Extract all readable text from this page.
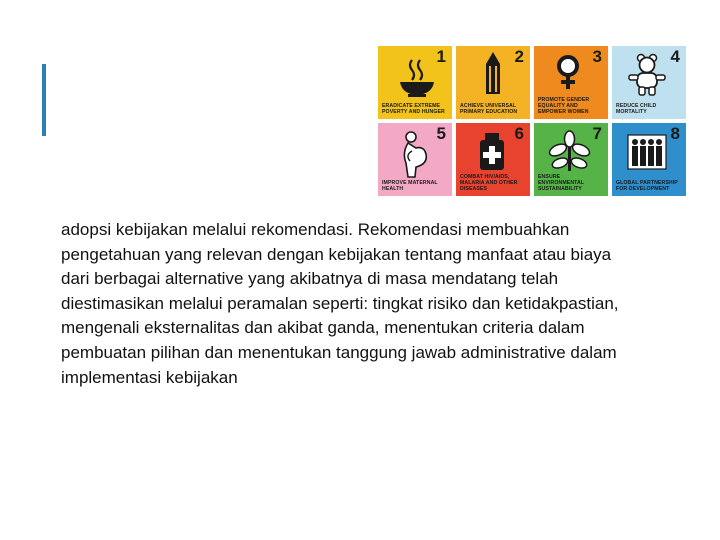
1
ERADICATE EXTREME POVERTY AND HUNGER
2
ACHIEVE UNIVERSAL PRIMARY EDUCATION
3
PROMOTE GENDER EQUALITY AND EMPOWER WOMEN
4
REDUCE CHILD MORTALITY
5
IMPROVE MATERNAL HEALTH
6
COMBAT HIV/AIDS, MALARIA AND OTHER DISEASES
7
ENSURE ENVIRONMENTAL SUSTAINABILITY
8
GLOBAL PARTNERSHIP FOR DEVELOPMENT

adopsi kebijakan melalui rekomendasi. Rekomendasi membuahkan pengetahuan yang relevan dengan kebijakan tentang manfaat atau biaya dari berbagai alternative yang akibatnya di masa mendatang telah diestimasikan melalui peramalan seperti: tingkat risiko dan ketidakpastian, mengenali eksternalitas dan akibat ganda, menentukan criteria dalam pembuatan pilihan dan menentukan tanggung jawab administrative dalam implementasi kebijakan
